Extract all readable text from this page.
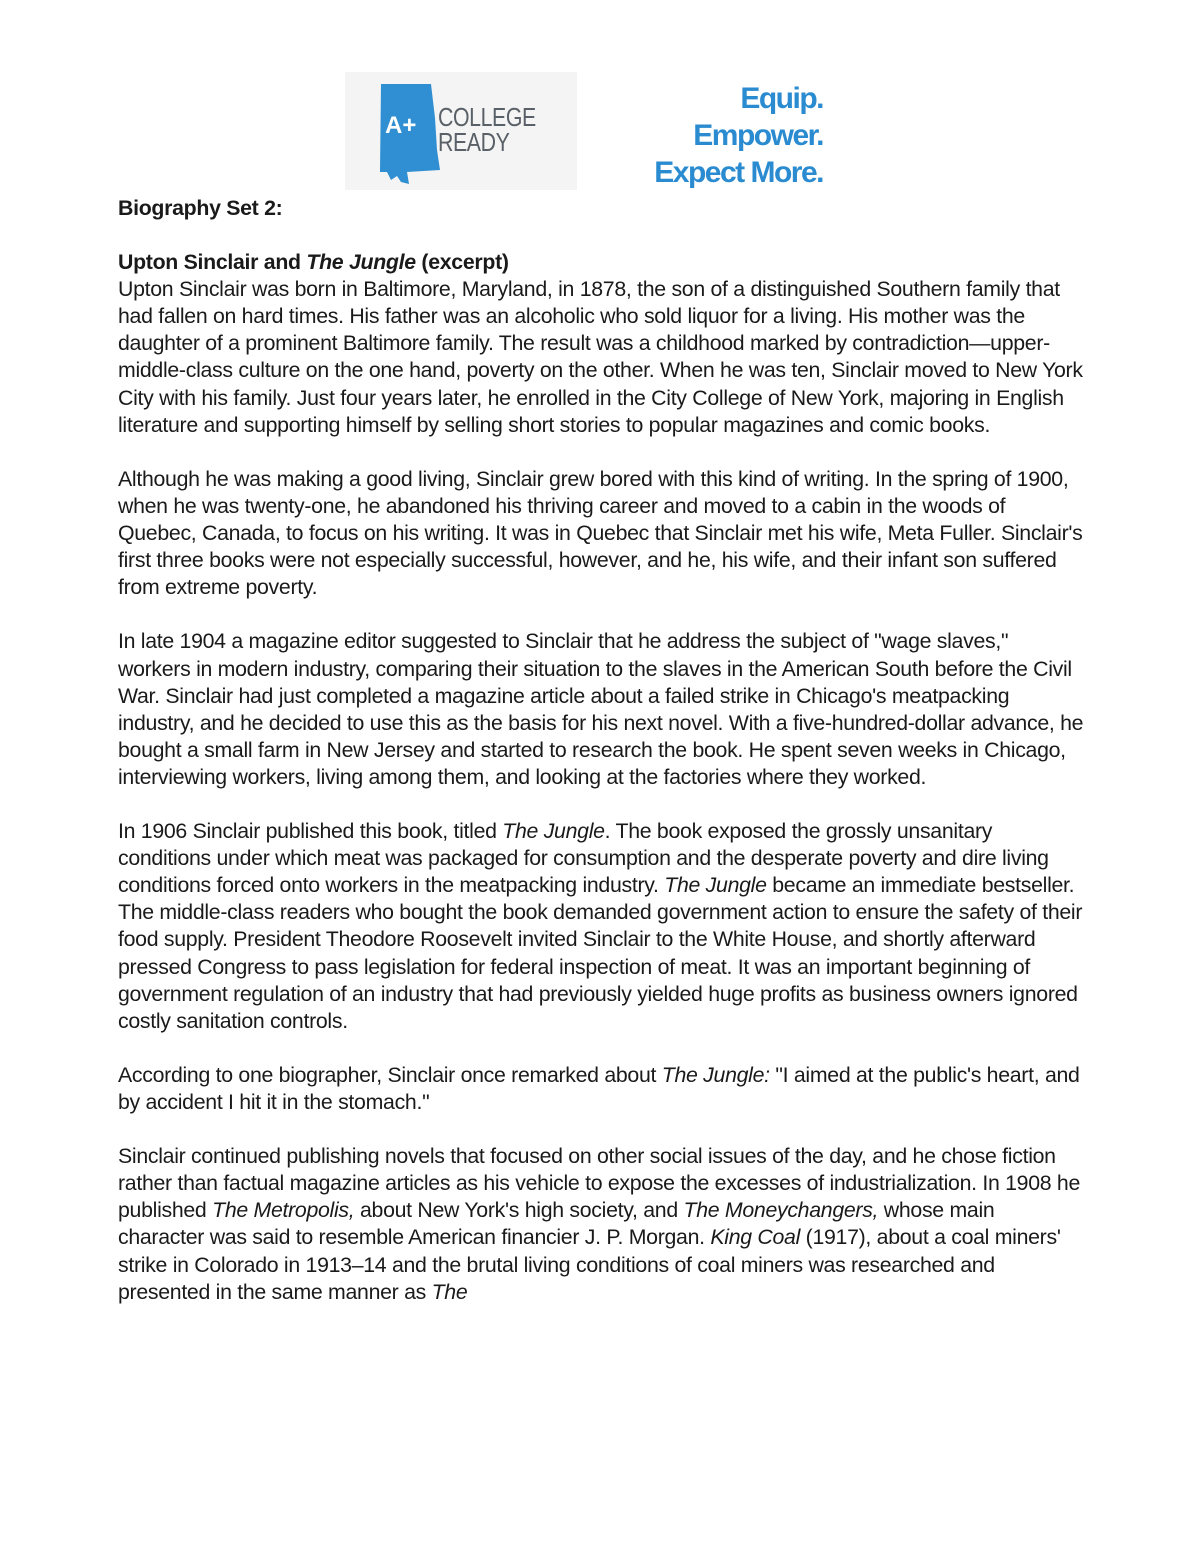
A+ COLLEGE
READY
Equip.
Empower.
Expect More.
Biography Set 2:
Upton Sinclair and The Jungle (excerpt)

Upton Sinclair was born in Baltimore, Maryland, in 1878, the son of a distinguished Southern family that had fallen on hard times. His father was an alcoholic who sold liquor for a living. His mother was the daughter of a prominent Baltimore family. The result was a childhood marked by contradiction—upper-middle-class culture on the one hand, poverty on the other. When he was ten, Sinclair moved to New York City with his family. Just four years later, he enrolled in the City College of New York, majoring in English literature and supporting himself by selling short stories to popular magazines and comic books.

Although he was making a good living, Sinclair grew bored with this kind of writing. In the spring of 1900, when he was twenty-one, he abandoned his thriving career and moved to a cabin in the woods of Quebec, Canada, to focus on his writing. It was in Quebec that Sinclair met his wife, Meta Fuller. Sinclair's first three books were not especially successful, however, and he, his wife, and their infant son suffered from extreme poverty.

In late 1904 a magazine editor suggested to Sinclair that he address the subject of "wage slaves," workers in modern industry, comparing their situation to the slaves in the American South before the Civil War. Sinclair had just completed a magazine article about a failed strike in Chicago's meatpacking industry, and he decided to use this as the basis for his next novel. With a five-hundred-dollar advance, he bought a small farm in New Jersey and started to research the book. He spent seven weeks in Chicago, interviewing workers, living among them, and looking at the factories where they worked.

In 1906 Sinclair published this book, titled The Jungle. The book exposed the grossly unsanitary conditions under which meat was packaged for consumption and the desperate poverty and dire living conditions forced onto workers in the meatpacking industry. The Jungle became an immediate bestseller. The middle-class readers who bought the book demanded government action to ensure the safety of their food supply. President Theodore Roosevelt invited Sinclair to the White House, and shortly afterward pressed Congress to pass legislation for federal inspection of meat. It was an important beginning of government regulation of an industry that had previously yielded huge profits as business owners ignored costly sanitation controls.

According to one biographer, Sinclair once remarked about The Jungle: "I aimed at the public's heart, and by accident I hit it in the stomach."

Sinclair continued publishing novels that focused on other social issues of the day, and he chose fiction rather than factual magazine articles as his vehicle to expose the excesses of industrialization. In 1908 he published The Metropolis, about New York's high society, and The Moneychangers, whose main character was said to resemble American financier J. P. Morgan. King Coal (1917), about a coal miners' strike in Colorado in 1913–14 and the brutal living conditions of coal miners was researched and presented in the same manner as The
